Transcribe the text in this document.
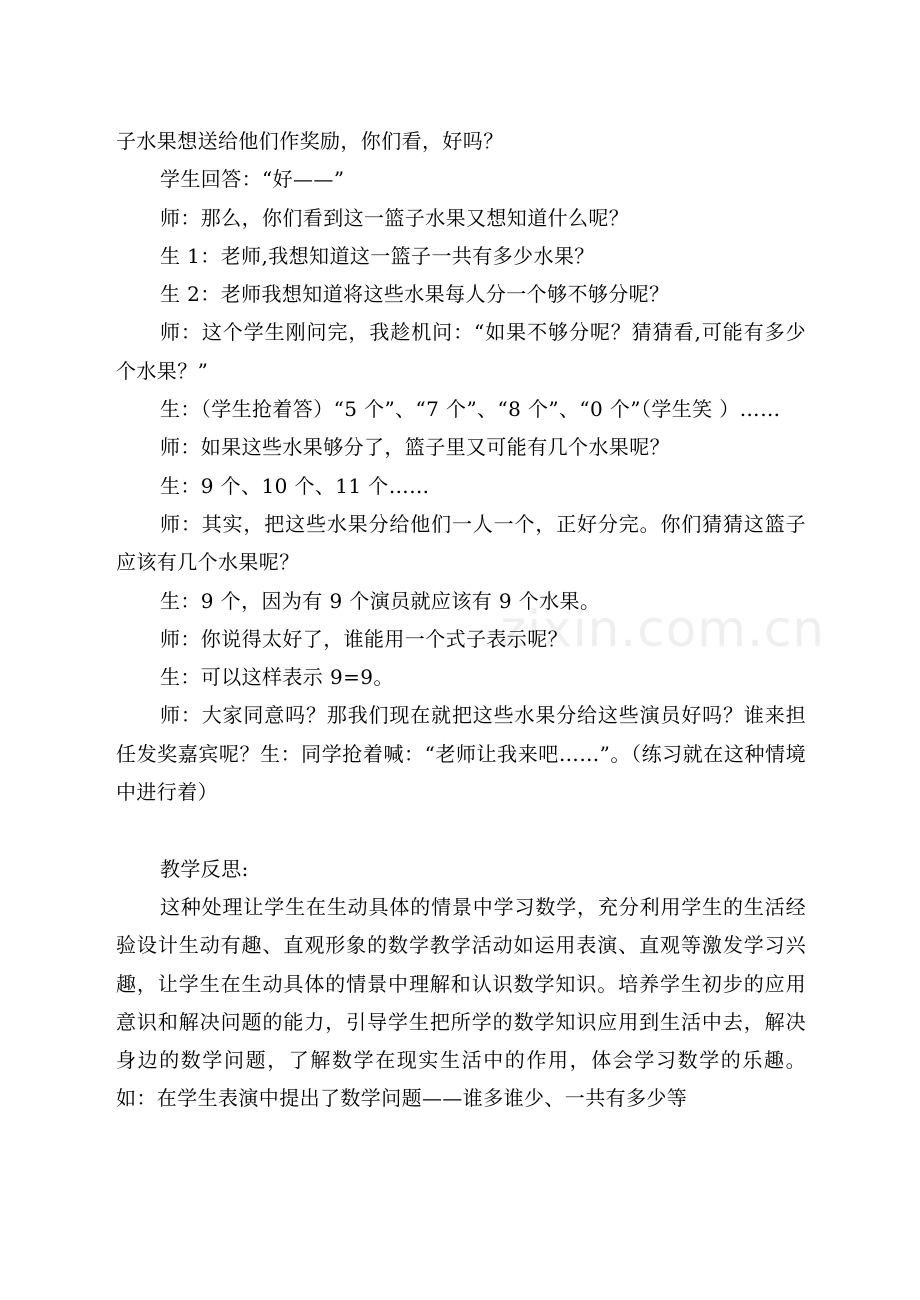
zixin.com.cn

子水果想送给他们作奖励，你们看，好吗？

学生回答：“好——”

师：那么，你们看到这一篮子水果又想知道什么呢？

生 1：老师,我想知道这一篮子一共有多少水果？

生 2：老师我想知道将这些水果每人分一个够不够分呢？

师：这个学生刚问完，我趁机问：“如果不够分呢？猜猜看,可能有多少个水果？”

生：（学生抢着答）“5 个”、“7 个”、“8 个”、“0 个”（学生笑 ）……

师：如果这些水果够分了，篮子里又可能有几个水果呢？

生：9 个、10 个、11 个……

师：其实，把这些水果分给他们一人一个，正好分完。你们猜猜这篮子应该有几个水果呢？

生：9 个，因为有 9 个演员就应该有 9 个水果。

师：你说得太好了，谁能用一个式子表示呢？

生：可以这样表示 9=9。

师：大家同意吗？那我们现在就把这些水果分给这些演员好吗？谁来担任发奖嘉宾呢？生：同学抢着喊：“老师让我来吧……”。（练习就在这种情境中进行着）

教学反思:

这种处理让学生在生动具体的情景中学习数学，充分利用学生的生活经验设计生动有趣、直观形象的数学教学活动如运用表演、直观等激发学习兴趣，让学生在生动具体的情景中理解和认识数学知识。培养学生初步的应用意识和解决问题的能力，引导学生把所学的数学知识应用到生活中去，解决身边的数学问题，了解数学在现实生活中的作用，体会学习数学的乐趣。如：在学生表演中提出了数学问题——谁多谁少、一共有多少等
